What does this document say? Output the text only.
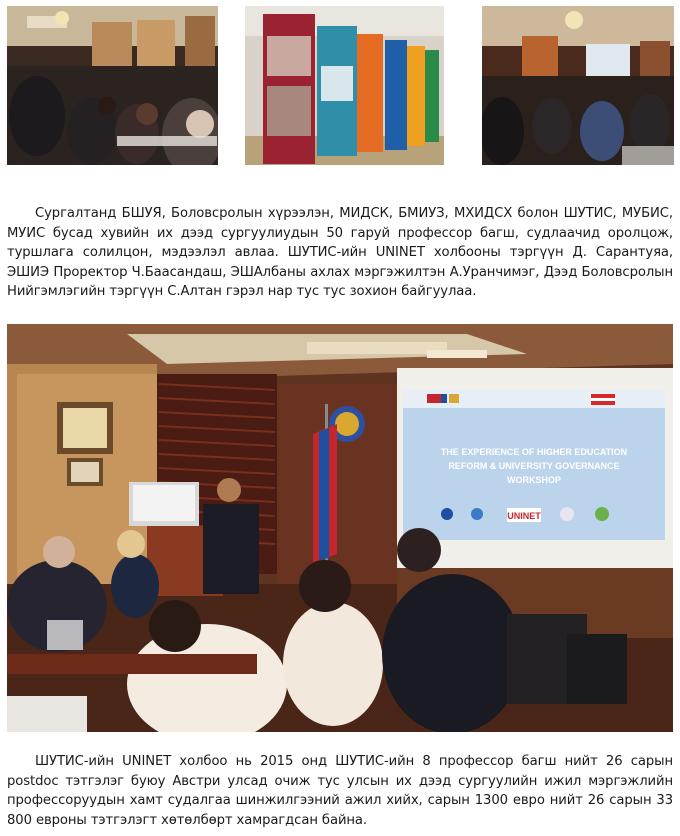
Сургалтанд БШУЯ, Боловсролын хүрээлэн, МИДСК, БМИУЗ, МХИДСХ болон ШУТИС, МУБИС, МУИС бусад хувийн их дээд сургуулиудын 50 гаруй профессор багш, судлаачид оролцож, туршлага солилцон, мэдээлэл авлаа. ШУТИС-ийн UNINET холбооны тэргүүн Д. Сарантуяа, ЭШИЭ Проректор Ч.Баасандаш, ЭШАлбаны ахлах мэргэжилтэн А.Уранчимэг, Дээд Боловсролын Нийгэмлэгийн тэргүүн С.Алтан гэрэл нар тус тус зохион байгуулаа.

THE EXPERIENCE OF HIGHER EDUCATION
REFORM & UNIVERSITY GOVERNANCE
WORKSHOP
UNINET

ШУТИС-ийн UNINET холбоо нь 2015 онд ШУТИС-ийн 8 профессор багш нийт 26 сарын postdoc тэтгэлэг буюу Австри улсад очиж тус улсын их дээд сургуулийн ижил мэргэжлийн профессоруудын хамт судалгаа шинжилгээний ажил хийх, сарын 1300 евро нийт 26 сарын 33 800 евроны тэтгэлэгт хөтөлбөрт хамрагдсан байна.
